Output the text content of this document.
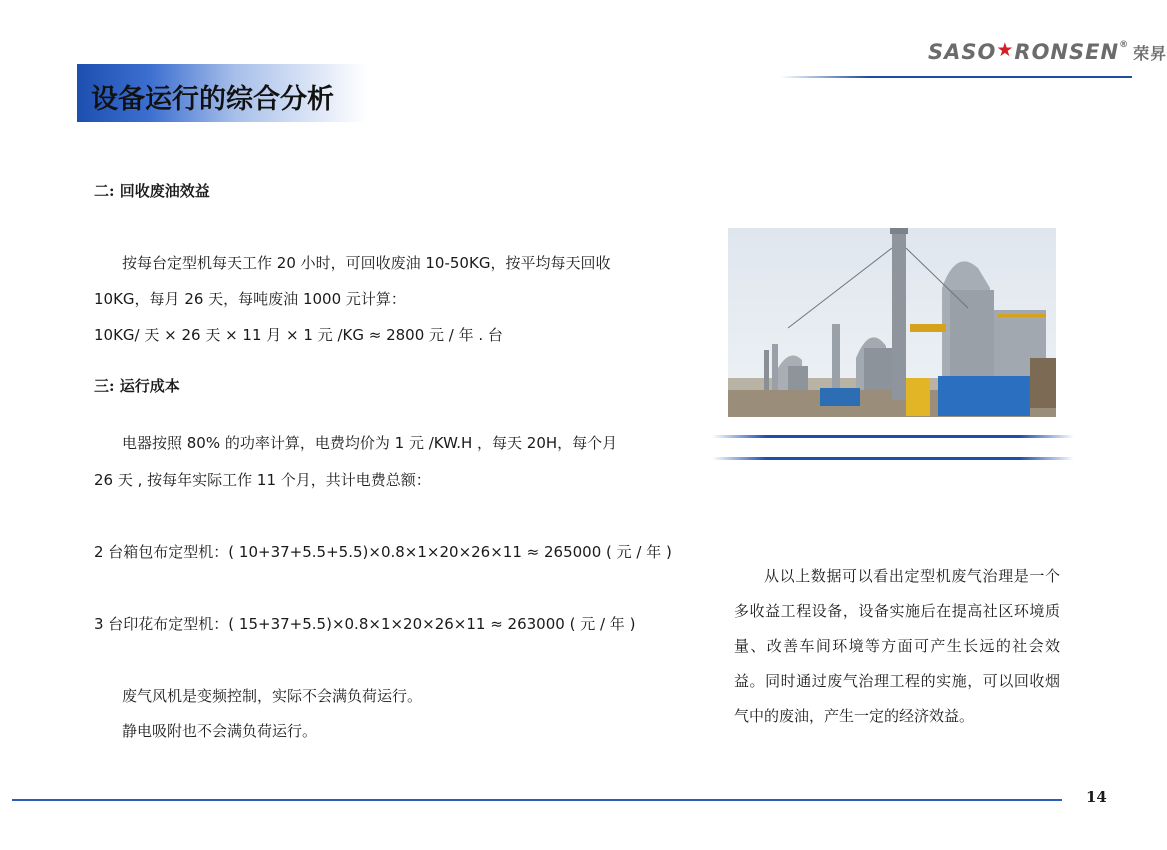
SASO★RONSEN® 荣昇
设备运行的综合分析
二: 回收废油效益
按每台定型机每天工作 20 小时，可回收废油 10-50KG，按平均每天回收
10KG，每月 26 天，每吨废油 1000 元计算：
10KG/ 天 × 26 天 × 11 月 × 1 元 /KG ≈ 2800 元 / 年 . 台
三: 运行成本
电器按照 80% 的功率计算，电费均价为 1 元 /KW.H ，每天 20H，每个月
26 天 , 按每年实际工作 11 个月，共计电费总额：
2 台箱包布定型机：( 10+37+5.5+5.5)×0.8×1×20×26×11 ≈ 265000 ( 元 / 年 )
3 台印花布定型机：( 15+37+5.5)×0.8×1×20×26×11 ≈ 263000 ( 元 / 年 )
废气风机是变频控制，实际不会满负荷运行。
静电吸附也不会满负荷运行。
从以上数据可以看出定型机废气治理是一个多收益工程设备，设备实施后在提高社区环境质量、改善车间环境等方面可产生长远的社会效益。同时通过废气治理工程的实施，可以回收烟气中的废油，产生一定的经济效益。
14
